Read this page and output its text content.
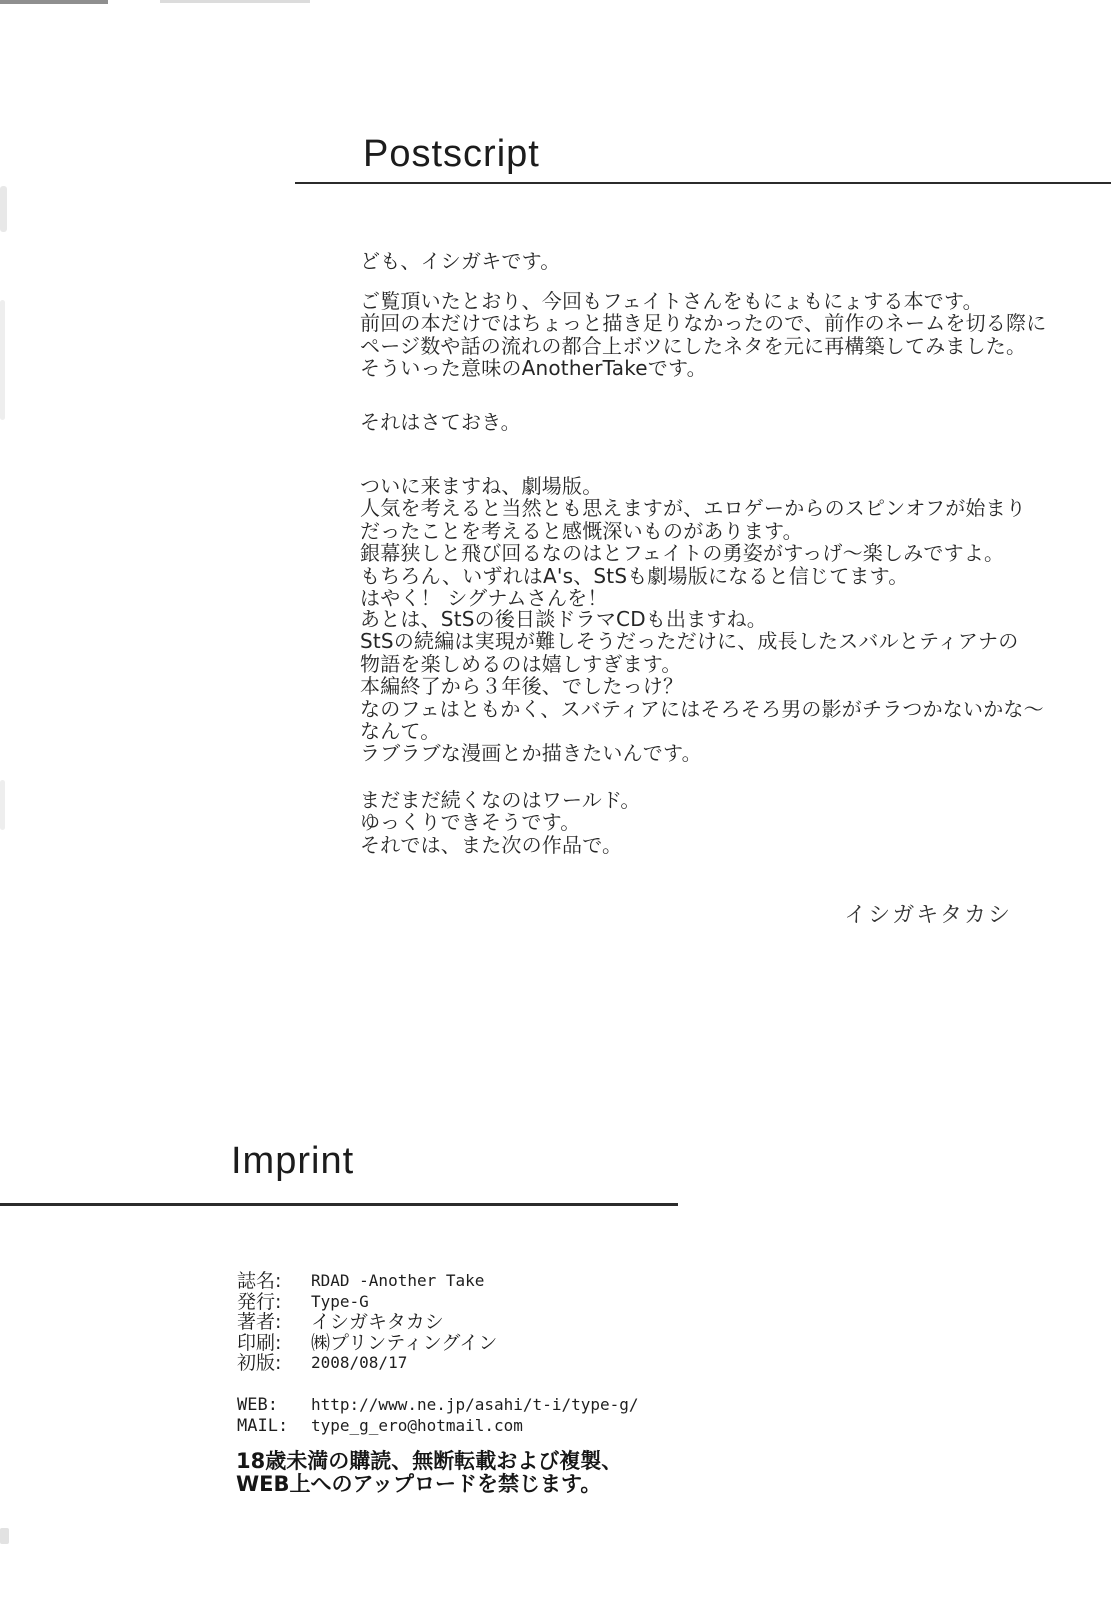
Postscript
ども、イシガキです。
ご覧頂いたとおり、今回もフェイトさんをもにょもにょする本です。
前回の本だけではちょっと描き足りなかったので、前作のネームを切る際に
ページ数や話の流れの都合上ボツにしたネタを元に再構築してみました。
そういった意味のAnotherTakeです。
それはさておき。
ついに来ますね、劇場版。
人気を考えると当然とも思えますが、エロゲーからのスピンオフが始まり
だったことを考えると感慨深いものがあります。
銀幕狭しと飛び回るなのはとフェイトの勇姿がすっげ～楽しみですよ。
もちろん、いずれはA's、StSも劇場版になると信じてます。
はやく！ シグナムさんを！
あとは、StSの後日談ドラマCDも出ますね。
StSの続編は実現が難しそうだっただけに、成長したスバルとティアナの
物語を楽しめるのは嬉しすぎます。
本編終了から３年後、でしたっけ？
なのフェはともかく、スバティアにはそろそろ男の影がチラつかないかな～
なんて。
ラブラブな漫画とか描きたいんです。
まだまだ続くなのはワールド。
ゆっくりできそうです。
それでは、また次の作品で。
イシガキタカシ
Imprint
誌名:	RDAD -Another Take
発行:	Type-G
著者:	イシガキタカシ
印刷:	㈱プリンティングイン
初版:	2008/08/17
WEB:	http://www.ne.jp/asahi/t-i/type-g/
MAIL:	type_g_ero@hotmail.com
18歳未満の購読、無断転載および複製、
WEB上へのアップロードを禁じます。
